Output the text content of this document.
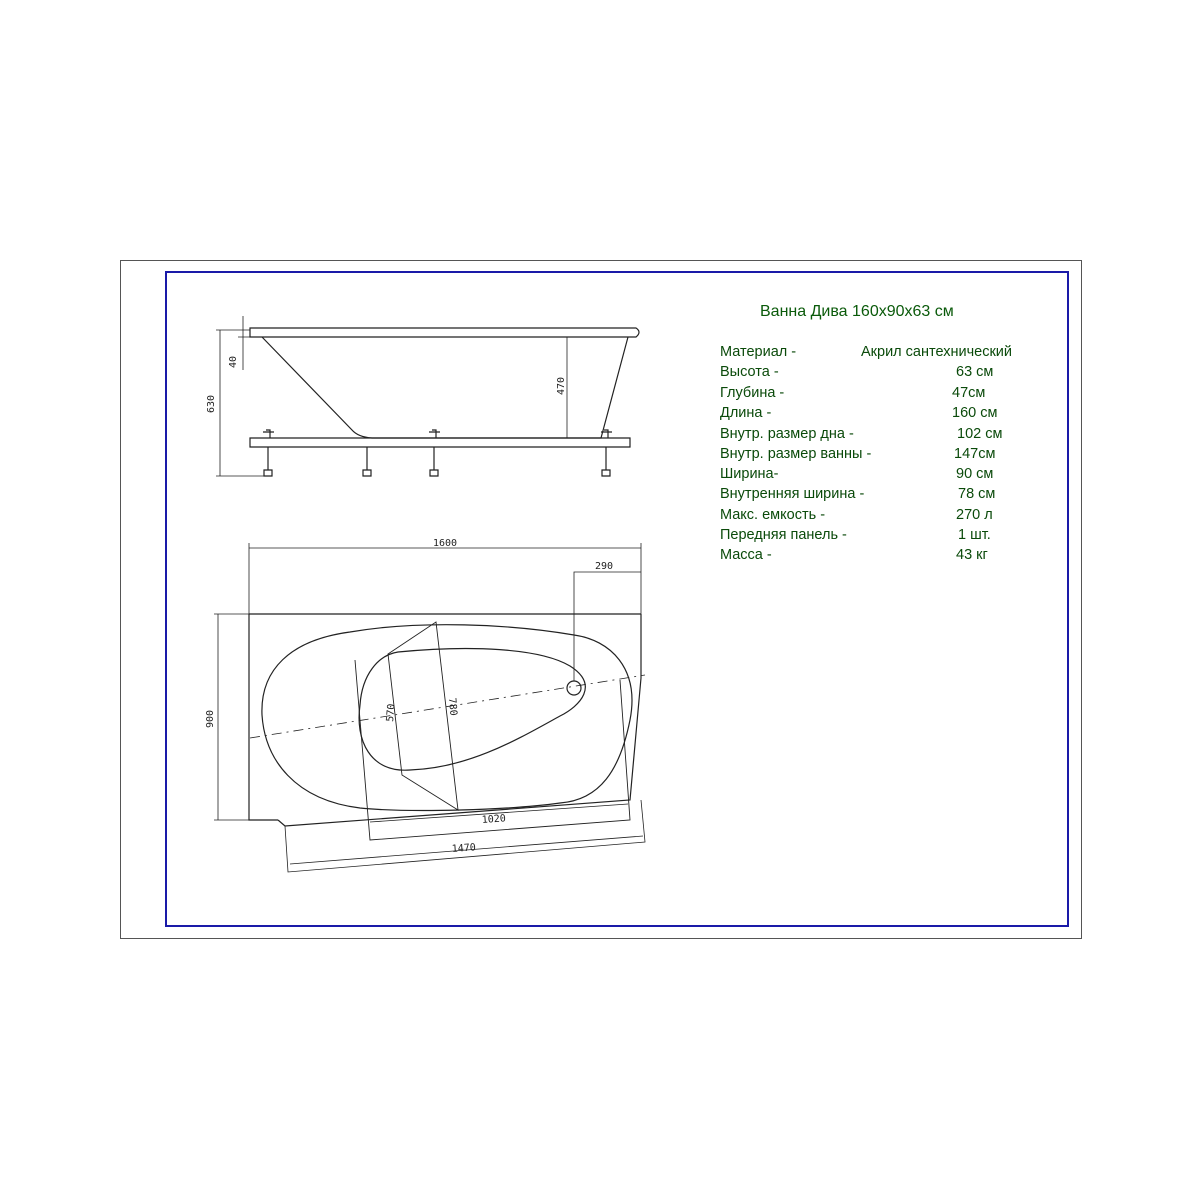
40
630
470
1600
290
900	570	780
1020
1470
Ванна Дива 160х90х63 см
Материал -	Акрил сантехнический
Высота -	63 см
Глубина -	47см
Длина -	160 см
Внутр. размер дна -	102 см
Внутр. размер ванны -	147см
Ширина-	90 см
Внутренняя ширина -	78 см
Макс. емкость -	270 л
Передняя панель -	1 шт.
Масса -	43 кг
